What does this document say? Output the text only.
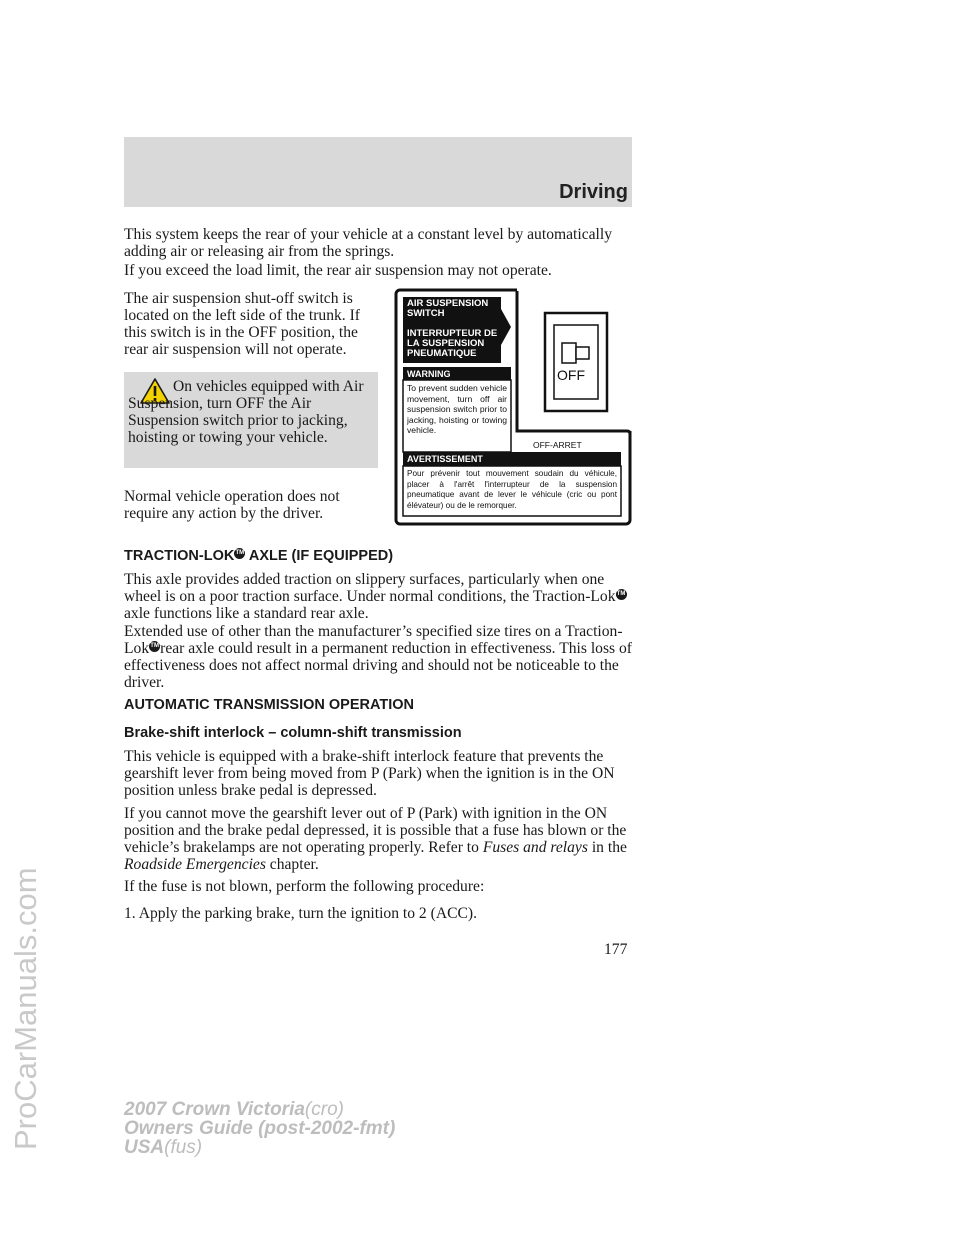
Driving

This system keeps the rear of your vehicle at a constant level by automatically adding air or releasing air from the springs.

If you exceed the load limit, the rear air suspension may not operate.

The air suspension shut-off switch is located on the left side of the trunk. If this switch is in the OFF position, the rear air suspension will not operate.

On vehicles equipped with Air Suspension, turn OFF the Air Suspension switch prior to jacking, hoisting or towing your vehicle.

Normal vehicle operation does not require any action by the driver.

AIR SUSPENSION SWITCH

INTERRUPTEUR DE LA SUSPENSION PNEUMATIQUE

WARNING

To prevent sudden vehicle movement, turn off air suspension switch prior to jacking, hoisting or towing vehicle.

OFF

OFF-ARRET

AVERTISSEMENT

Pour prévenir tout mouvement soudain du véhicule, placer à l'arrêt l'interrupteur de la suspension pneumatique avant de lever le véhicule (cric ou pont élévateur) ou de le remorquer.

TRACTION-LOKTM AXLE (IF EQUIPPED)

This axle provides added traction on slippery surfaces, particularly when one wheel is on a poor traction surface. Under normal conditions, the Traction-LokTMaxle functions like a standard rear axle.

Extended use of other than the manufacturer’s specified size tires on a Traction-LokTMrear axle could result in a permanent reduction in effectiveness. This loss of effectiveness does not affect normal driving and should not be noticeable to the driver.

AUTOMATIC TRANSMISSION OPERATION
Brake-shift interlock – column-shift transmission

This vehicle is equipped with a brake-shift interlock feature that prevents the gearshift lever from being moved from P (Park) when the ignition is in the ON position unless brake pedal is depressed.

If you cannot move the gearshift lever out of P (Park) with ignition in the ON position and the brake pedal depressed, it is possible that a fuse has blown or the vehicle’s brakelamps are not operating properly. Refer to Fuses and relays in the Roadside Emergencies chapter.

If the fuse is not blown, perform the following procedure:

1. Apply the parking brake, turn the ignition to 2 (ACC).

177

2007 Crown Victoria(cro)

Owners Guide (post-2002-fmt)

USA(fus)

ProCarManuals.com
